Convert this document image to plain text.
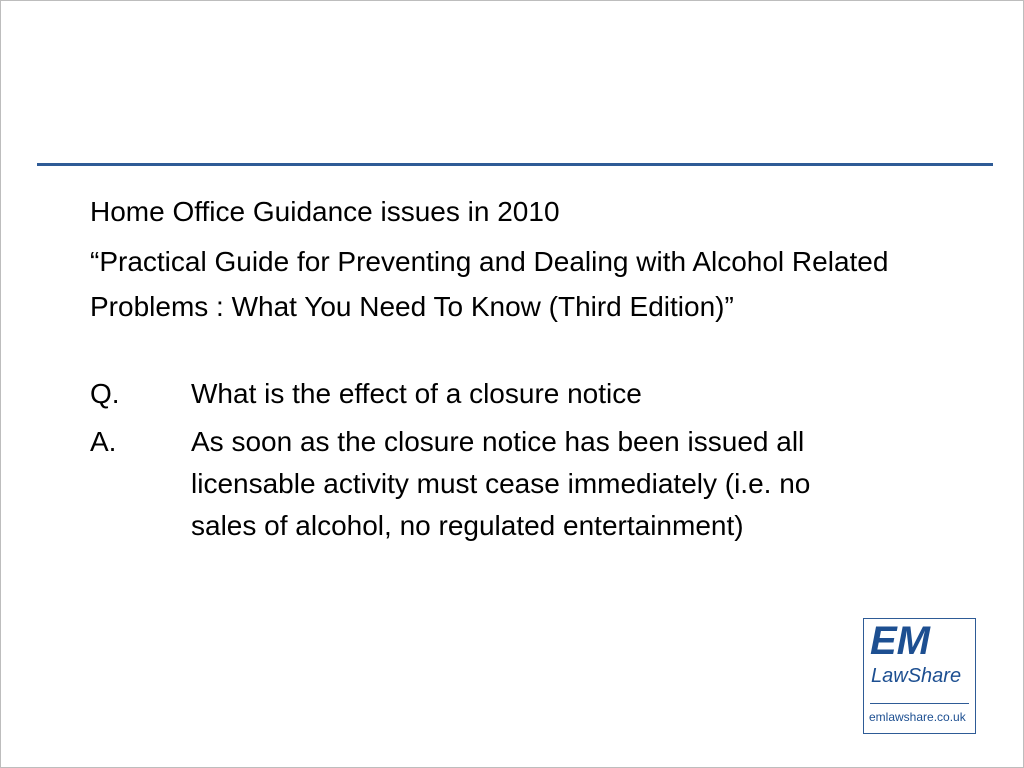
Home Office Guidance issues in 2010

“Practical Guide for Preventing and Dealing with Alcohol Related Problems : What You Need To Know (Third Edition)”

Q.	What is the effect of a closure notice
A.	As soon as the closure notice has been issued all licensable activity must cease immediately (i.e. no sales of alcohol, no regulated entertainment)
EM
LawShare
emlawshare.co.uk
